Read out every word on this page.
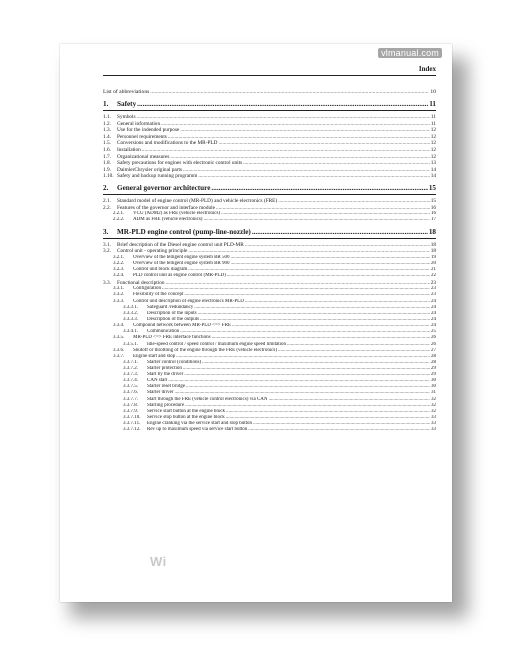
vlmanual.com
Index
List of abbreviations .....	10
1.	Safety .....	11
1.1.	Symbols .....	11
1.2.	General information .....	11
1.3.	Use for the indended purpose .....	12
1.4.	Personnel requirements .....	12
1.5.	Conversions and modifications to the MR-PLD .....	12
1.6.	Installation .....	12
1.7.	Organizational measures .....	12
1.8.	Safety precautions for engines with electronic control units .....	13
1.9.	DaimlerChrysler original parts .....	14
1.10. Safety and backup running programm .....	14
2.	General governor architecture .....	15
2.1.	Standard model of engine control (MR-PLD) and vehicle electronics (FRE) .....	15
2.2.	Features of the governor and interface module .....	16
2.2.1.	VCU (ADM2) as FRE (vehicle electronics) .....	16
2.2.2.	ADM as FRE (vehicle electronics) .....	17
3.	MR-PLD engine control (pump-line-nozzle) .....	18
3.1.	Brief description of the Diesel engine control unit PLD-MR .....	18
3.2.	Control unit - operating principle .....	18
3.2.1.	Overview of the telligent engine system BR 500 .....	19
3.2.2.	Overview of the telligent engine system BR 900 .....	20
3.2.3.	Control unit block diagram .....	21
3.2.4.	PLD control unit as engine control (MR-PLD) .....	22
3.3.	Functional description .....	23
3.3.1.	Configuration .....	23
3.3.2.	Flexibility of the concept .....	23
3.3.3.	Control unit description of engine electronics MR-PLD .....	24
3.3.3.1.	Safeguard /redundancy .....	24
3.3.3.2.	Description of the inputs .....	24
3.3.3.3.	Description of the outputs .....	24
3.3.4.	Compound network between MR-PLD <=> FRE .....	24
3.3.4.1.	Communication .....	25
3.3.5.	MR-PLD <=> FRE interface functions .....	26
3.3.5.1.	Idle-speed control / speed control / maximum engine speed limitation .....	26
3.3.6.	Shutoff or throttling of the engine through the FRE (vehicle electronics) .....	27
3.3.7.	Engine start and stop .....	28
3.3.7.1.	Starter control (conditions) .....	28
3.3.7.2.	Starter protection .....	29
3.3.7.3.	Start by the driver .....	29
3.3.7.4.	CAN start .....	30
3.3.7.5.	Starter reset bridge .....	30
3.3.7.6.	Starter driver .....	31
3.3.7.7.	Start through the FRE (vehicle control electronics) via CAN .....	32
3.3.7.8.	Starting procedure .....	32
3.3.7.9.	Service start button at the engine block .....	32
3.3.7.10.	Service stop button at the engine block .....	33
3.3.7.11.	Engine cranking via the service start and stop button .....	33
3.3.7.12.	Rev up to maximum speed via service start button .....	33
Wi
